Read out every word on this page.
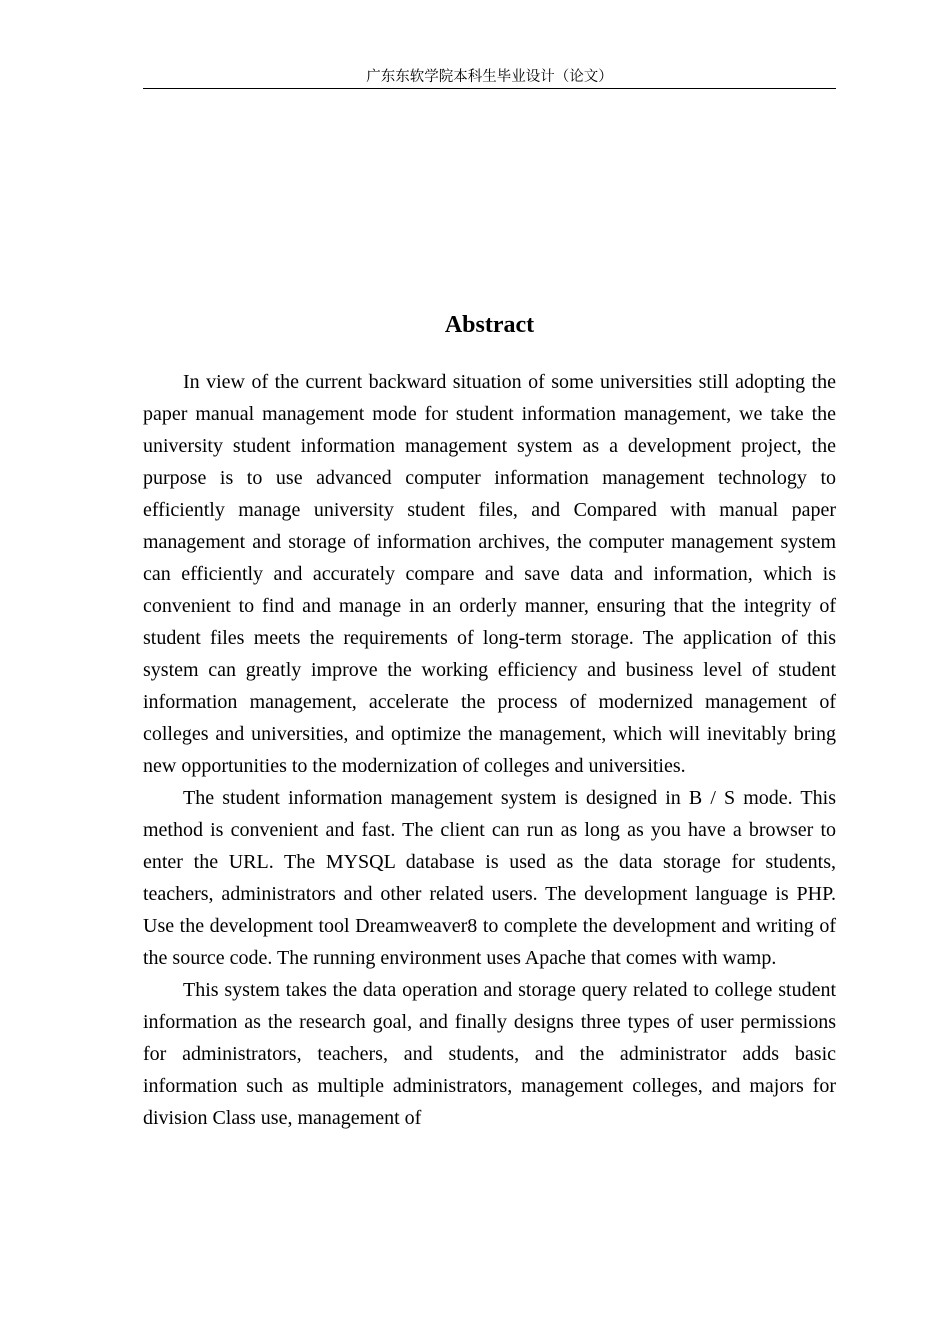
广东东软学院本科生毕业设计（论文）
Abstract

In view of the current backward situation of some universities still adopting the paper manual management mode for student information management, we take the university student information management system as a development project, the purpose is to use advanced computer information management technology to efficiently manage university student files, and Compared with manual paper management and storage of information archives, the computer management system can efficiently and accurately compare and save data and information, which is convenient to find and manage in an orderly manner, ensuring that the integrity of student files meets the requirements of long-term storage. The application of this system can greatly improve the working efficiency and business level of student information management, accelerate the process of modernized management of colleges and universities, and optimize the management, which will inevitably bring new opportunities to the modernization of colleges and universities.

The student information management system is designed in B / S mode. This method is convenient and fast. The client can run as long as you have a browser to enter the URL. The MYSQL database is used as the data storage for students, teachers, administrators and other related users. The development language is PHP. Use the development tool Dreamweaver8 to complete the development and writing of the source code. The running environment uses Apache that comes with wamp.

This system takes the data operation and storage query related to college student information as the research goal, and finally designs three types of user permissions for administrators, teachers, and students, and the administrator adds basic information such as multiple administrators, management colleges, and majors for division Class use, management of
